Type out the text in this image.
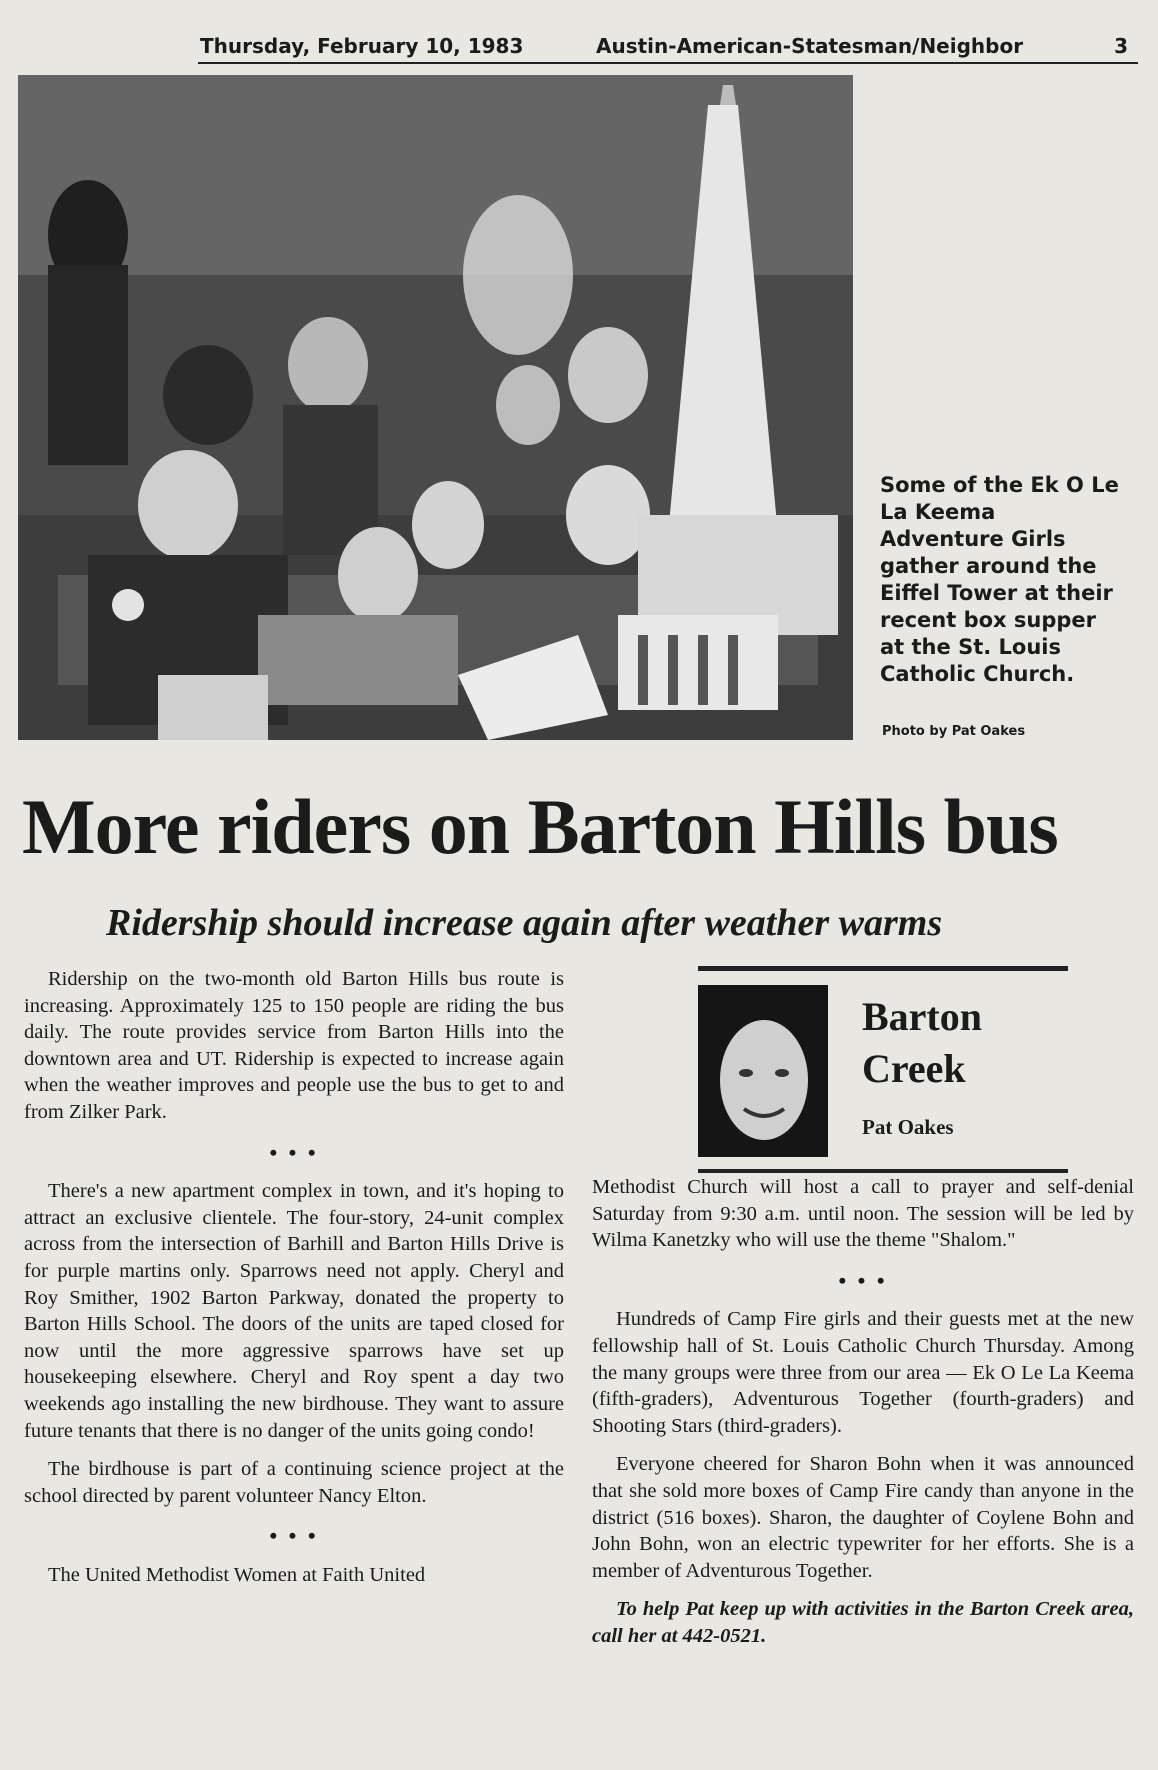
Thursday, February 10, 1983	Austin-American-Statesman/Neighbor	3
Some of the Ek O Le La Keema Adventure Girls gather around the Eiffel Tower at their recent box supper at the St. Louis Catholic Church.
Photo by Pat Oakes
More riders on Barton Hills bus
Ridership should increase again after weather warms

Ridership on the two-month old Barton Hills bus route is increasing. Approximately 125 to 150 people are riding the bus daily. The route provides service from Barton Hills into the downtown area and UT. Ridership is expected to increase again when the weather improves and people use the bus to get to and from Zilker Park.

• • •

There's a new apartment complex in town, and it's hoping to attract an exclusive clientele. The four-story, 24-unit complex across from the intersection of Barhill and Barton Hills Drive is for purple martins only. Sparrows need not apply. Cheryl and Roy Smither, 1902 Barton Parkway, donated the property to Barton Hills School. The doors of the units are taped closed for now until the more aggressive sparrows have set up housekeeping elsewhere. Cheryl and Roy spent a day two weekends ago installing the new birdhouse. They want to assure future tenants that there is no danger of the units going condo!

The birdhouse is part of a continuing science project at the school directed by parent volunteer Nancy Elton.

• • •

The United Methodist Women at Faith United

Barton Creek
Pat Oakes

Methodist Church will host a call to prayer and self-denial Saturday from 9:30 a.m. until noon. The session will be led by Wilma Kanetzky who will use the theme "Shalom."

• • •

Hundreds of Camp Fire girls and their guests met at the new fellowship hall of St. Louis Catholic Church Thursday. Among the many groups were three from our area — Ek O Le La Keema (fifth-graders), Adventurous Together (fourth-graders) and Shooting Stars (third-graders).

Everyone cheered for Sharon Bohn when it was announced that she sold more boxes of Camp Fire candy than anyone in the district (516 boxes). Sharon, the daughter of Coylene Bohn and John Bohn, won an electric typewriter for her efforts. She is a member of Adventurous Together.

To help Pat keep up with activities in the Barton Creek area, call her at 442-0521.
